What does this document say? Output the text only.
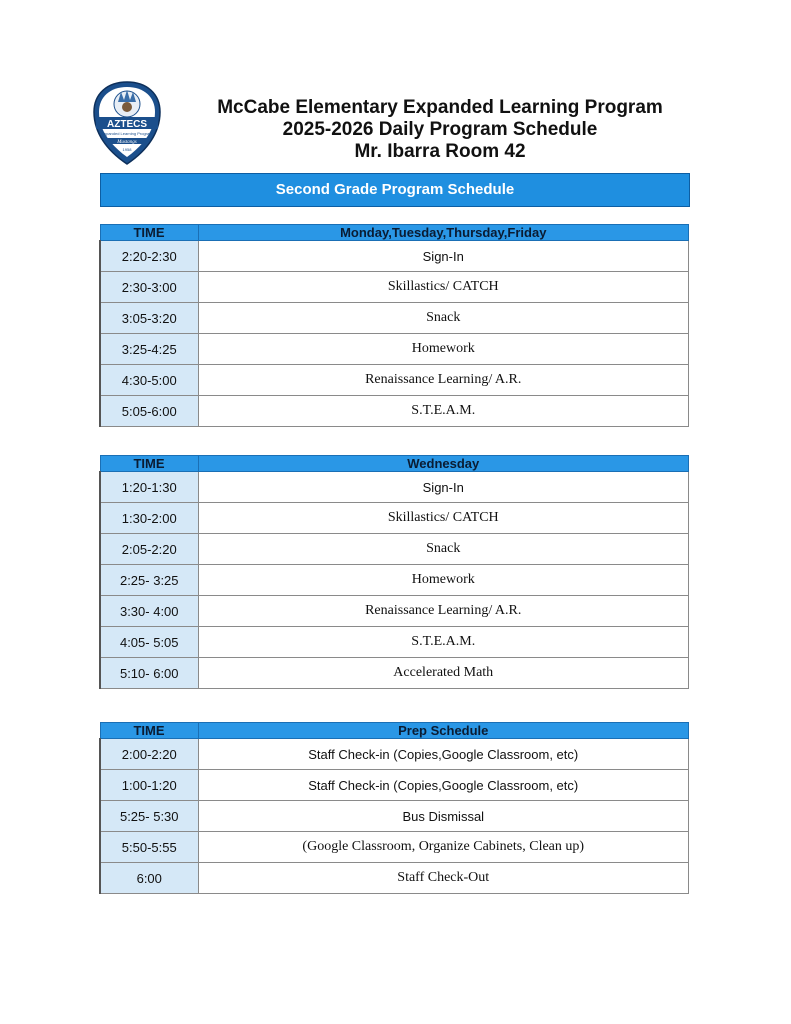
AZTECS
Expanded Learning Program
Mustangs
1958
McCabe Elementary Expanded Learning Program
2025-2026 Daily Program Schedule
Mr. Ibarra Room 42
Second Grade Program Schedule
TIME	Monday,Tuesday,Thursday,Friday
2:20-2:30	Sign-In
2:30-3:00	Skillastics/ CATCH
3:05-3:20	Snack
3:25-4:25	Homework
4:30-5:00	Renaissance Learning/ A.R.
5:05-6:00	S.T.E.A.M.
TIME	Wednesday
1:20-1:30	Sign-In
1:30-2:00	Skillastics/ CATCH
2:05-2:20	Snack
2:25- 3:25	Homework
3:30- 4:00	Renaissance Learning/ A.R.
4:05- 5:05	S.T.E.A.M.
5:10- 6:00	Accelerated Math
TIME	Prep Schedule
2:00-2:20	Staff Check-in (Copies,Google Classroom, etc)
1:00-1:20	Staff Check-in (Copies,Google Classroom, etc)
5:25- 5:30	Bus Dismissal
5:50-5:55	(Google Classroom, Organize Cabinets, Clean up)
6:00	Staff Check-Out
